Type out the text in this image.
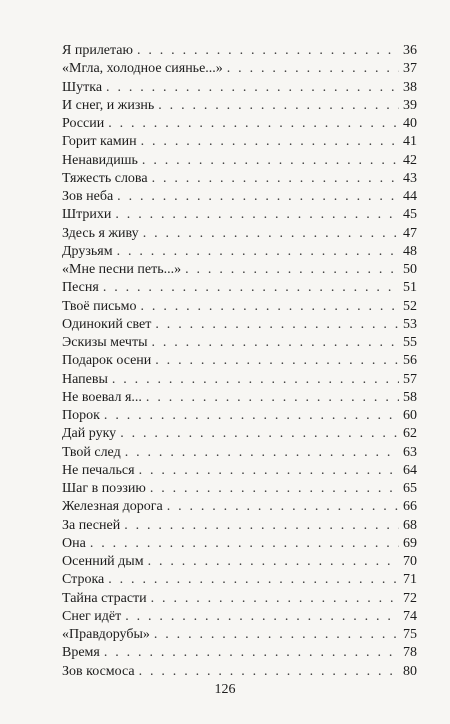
Я прилетаю . . .	36
«Мгла, холодное сиянье...» . . .	37
Шутка . . .	38
И снег, и жизнь . . .	39
России . . .	40
Горит камин . . .	41
Ненавидишь . . .	42
Тяжесть слова . . .	43
Зов неба . . .	44
Штрихи . . .	45
Здесь я живу . . .	47
Друзьям . . .	48
«Мне песни петь...» . . .	50
Песня . . .	51
Твоё письмо . . .	52
Одинокий свет . . .	53
Эскизы мечты . . .	55
Подарок осени . . .	56
Напевы . . .	57
Не воевал я... . . .	58
Порок . . .	60
Дай руку . . .	62
Твой след . . .	63
Не печалься . . .	64
Шаг в поэзию . . .	65
Железная дорога . . .	66
За песней . . .	68
Она . . .	69
Осенний дым . . .	70
Строка . . .	71
Тайна страсти . . .	72
Снег идёт . . .	74
«Правдорубы» . . .	75
Время . . .	78
Зов космоса . . .	80
126
